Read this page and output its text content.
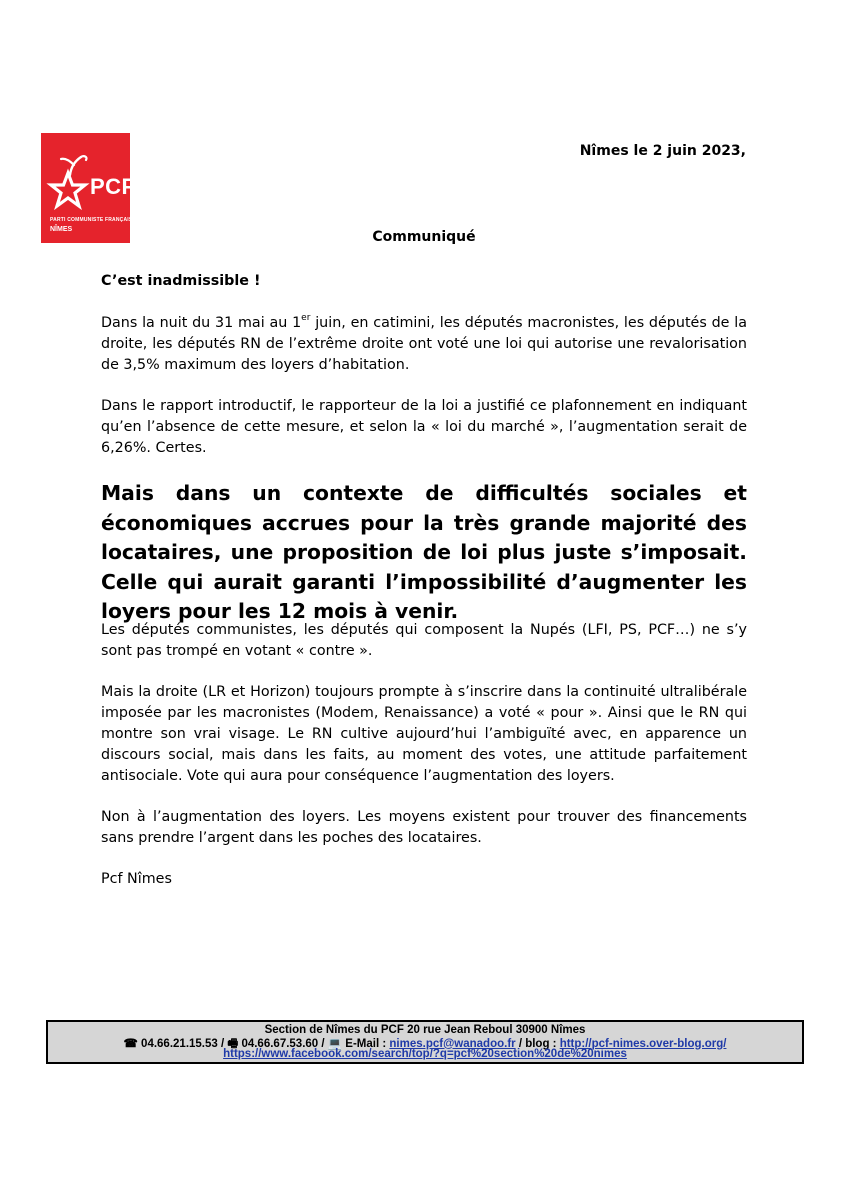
PCF
PARTI COMMUNISTE FRANÇAIS
NÎMES
Nîmes le 2 juin 2023,
Communiqué
C’est inadmissible !
Dans la nuit du 31 mai au 1er juin, en catimini, les députés macronistes, les députés de la droite, les députés RN de l’extrême droite ont voté une loi qui autorise une revalorisation de 3,5% maximum des loyers d’habitation.
Dans le rapport introductif, le rapporteur de la loi a justifié ce plafonnement en indiquant qu’en l’absence de cette mesure, et selon la « loi du marché », l’augmentation serait de 6,26%. Certes.
Mais dans un contexte de difficultés sociales et économiques accrues pour la très grande majorité des locataires, une proposition de loi plus juste s’imposait. Celle qui aurait garanti l’impossibilité d’augmenter les loyers pour les 12 mois à venir.
Les députés communistes, les députés qui composent la Nupés (LFI, PS, PCF…) ne s’y sont pas trompé en votant « contre ».
Mais la droite (LR et Horizon) toujours prompte à s’inscrire dans la continuité ultralibérale imposée par les macronistes (Modem, Renaissance) a voté « pour ». Ainsi que le RN qui montre son vrai visage. Le RN cultive aujourd’hui l’ambiguïté avec, en apparence un discours social, mais dans les faits, au moment des votes, une attitude parfaitement antisociale. Vote qui aura pour conséquence l’augmentation des loyers.
Non à l’augmentation des loyers. Les moyens existent pour trouver des financements sans prendre l’argent dans les poches des locataires.
Pcf Nîmes
Section de Nîmes du PCF 20 rue Jean Reboul 30900 Nîmes
☎ 04.66.21.15.53 / 🖷 04.66.67.53.60 / 💻 E-Mail : nimes.pcf@wanadoo.fr / blog : http://pcf-nimes.over-blog.org/
https://www.facebook.com/search/top/?q=pcf%20section%20de%20nimes
